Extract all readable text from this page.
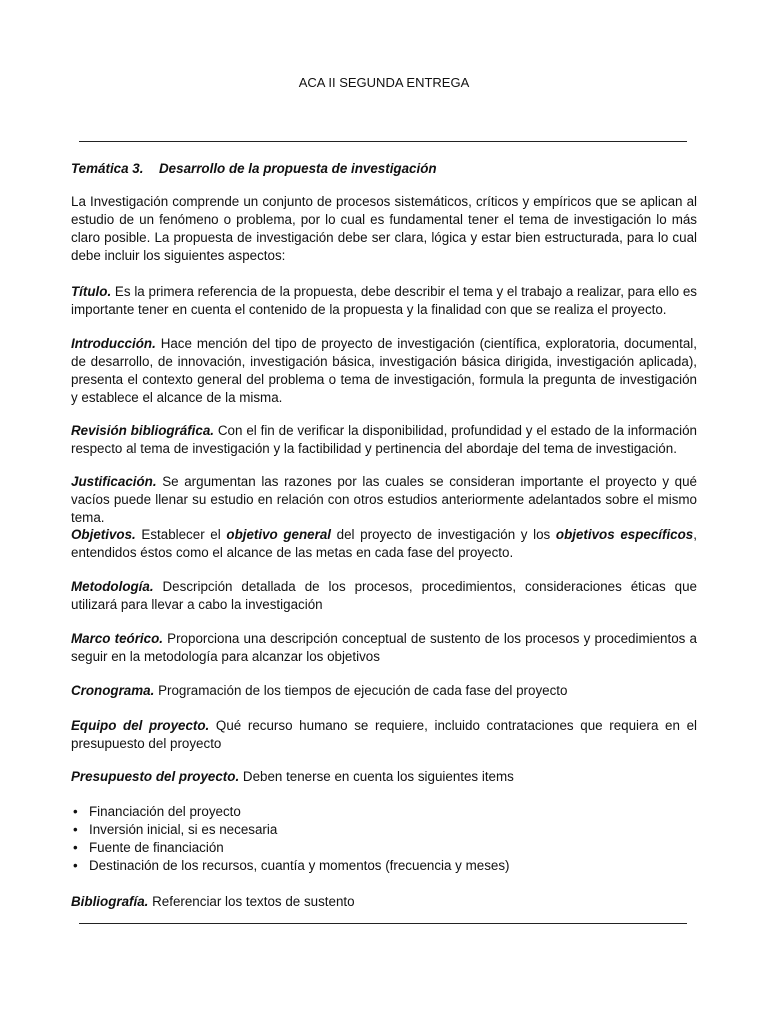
ACA II SEGUNDA ENTREGA
Temática 3. Desarrollo de la propuesta de investigación

La Investigación comprende un conjunto de procesos sistemáticos, críticos y empíricos que se aplican al estudio de un fenómeno o problema, por lo cual es fundamental tener el tema de investigación lo más claro posible. La propuesta de investigación debe ser clara, lógica y estar bien estructurada, para lo cual debe incluir los siguientes aspectos:

Título. Es la primera referencia de la propuesta, debe describir el tema y el trabajo a realizar, para ello es importante tener en cuenta el contenido de la propuesta y la finalidad con que se realiza el proyecto.

Introducción. Hace mención del tipo de proyecto de investigación (científica, exploratoria, documental, de desarrollo, de innovación, investigación básica, investigación básica dirigida, investigación aplicada), presenta el contexto general del problema o tema de investigación, formula la pregunta de investigación y establece el alcance de la misma.

Revisión bibliográfica. Con el fin de verificar la disponibilidad, profundidad y el estado de la información respecto al tema de investigación y la factibilidad y pertinencia del abordaje del tema de investigación.

Justificación. Se argumentan las razones por las cuales se consideran importante el proyecto y qué vacíos puede llenar su estudio en relación con otros estudios anteriormente adelantados sobre el mismo tema.

Objetivos. Establecer el objetivo general del proyecto de investigación y los objetivos específicos, entendidos éstos como el alcance de las metas en cada fase del proyecto.

Metodología. Descripción detallada de los procesos, procedimientos, consideraciones éticas que utilizará para llevar a cabo la investigación

Marco teórico. Proporciona una descripción conceptual de sustento de los procesos y procedimientos a seguir en la metodología para alcanzar los objetivos

Cronograma. Programación de los tiempos de ejecución de cada fase del proyecto

Equipo del proyecto. Qué recurso humano se requiere, incluido contrataciones que requiera en el presupuesto del proyecto

Presupuesto del proyecto. Deben tenerse en cuenta los siguientes items

• Financiación del proyecto
• Inversión inicial, si es necesaria
• Fuente de financiación
• Destinación de los recursos, cuantía y momentos (frecuencia y meses)

Bibliografía. Referenciar los textos de sustento
